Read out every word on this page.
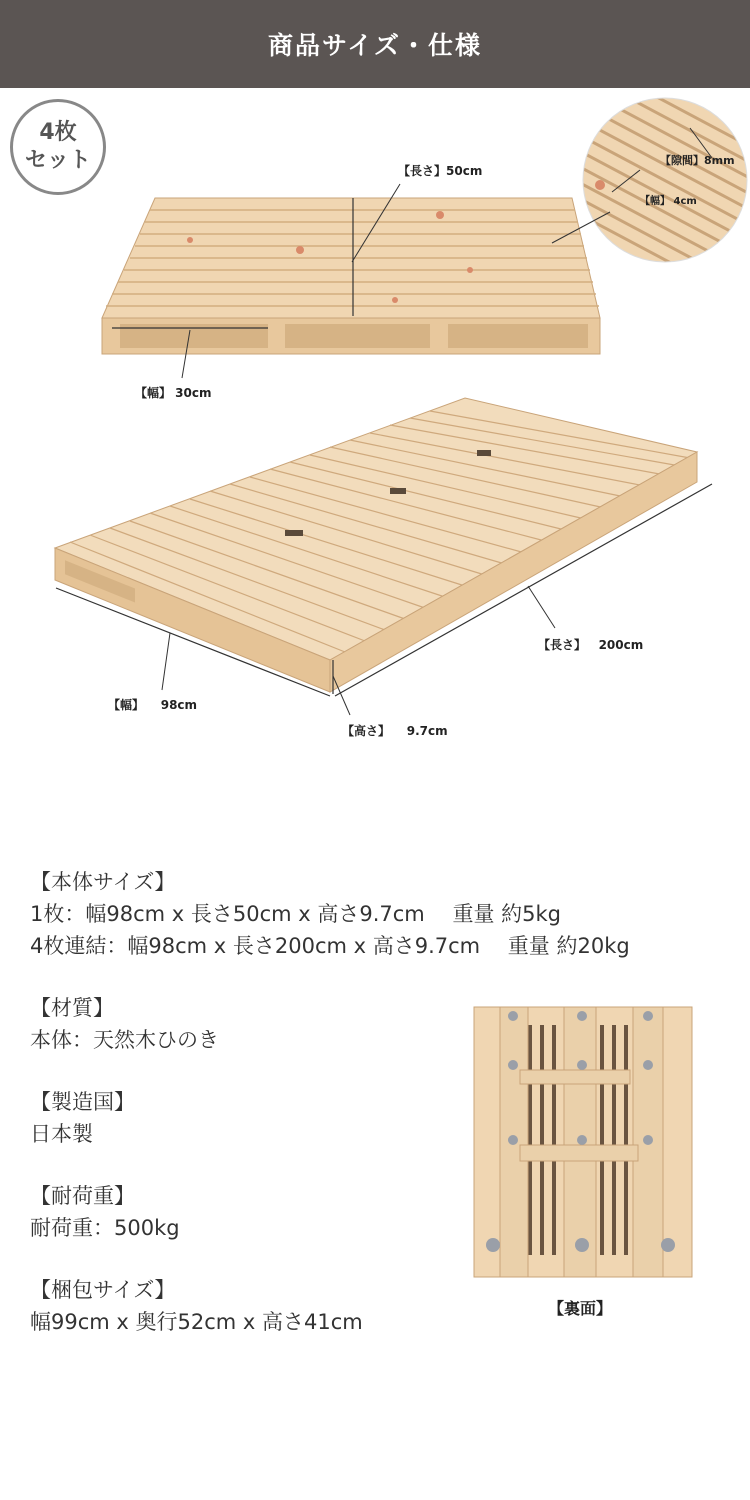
商品サイズ・仕様
4枚
セット	【長さ】50cm
【幅】 30cm
【隙間】8mm
【幅】 4cm
【長さ】 200cm
【幅】 98cm
【高さ】 9.7cm
【本体サイズ】
1枚：幅98cm x 長さ50cm x 高さ9.7cm　 重量 約5kg
4枚連結：幅98cm x 長さ200cm x 高さ9.7cm　 重量 約20kg
【材質】
本体：天然木ひのき
【製造国】
日本製
【耐荷重】
耐荷重：500kg
【梱包サイズ】
幅99cm x 奥行52cm x 高さ41cm
【裏面】
